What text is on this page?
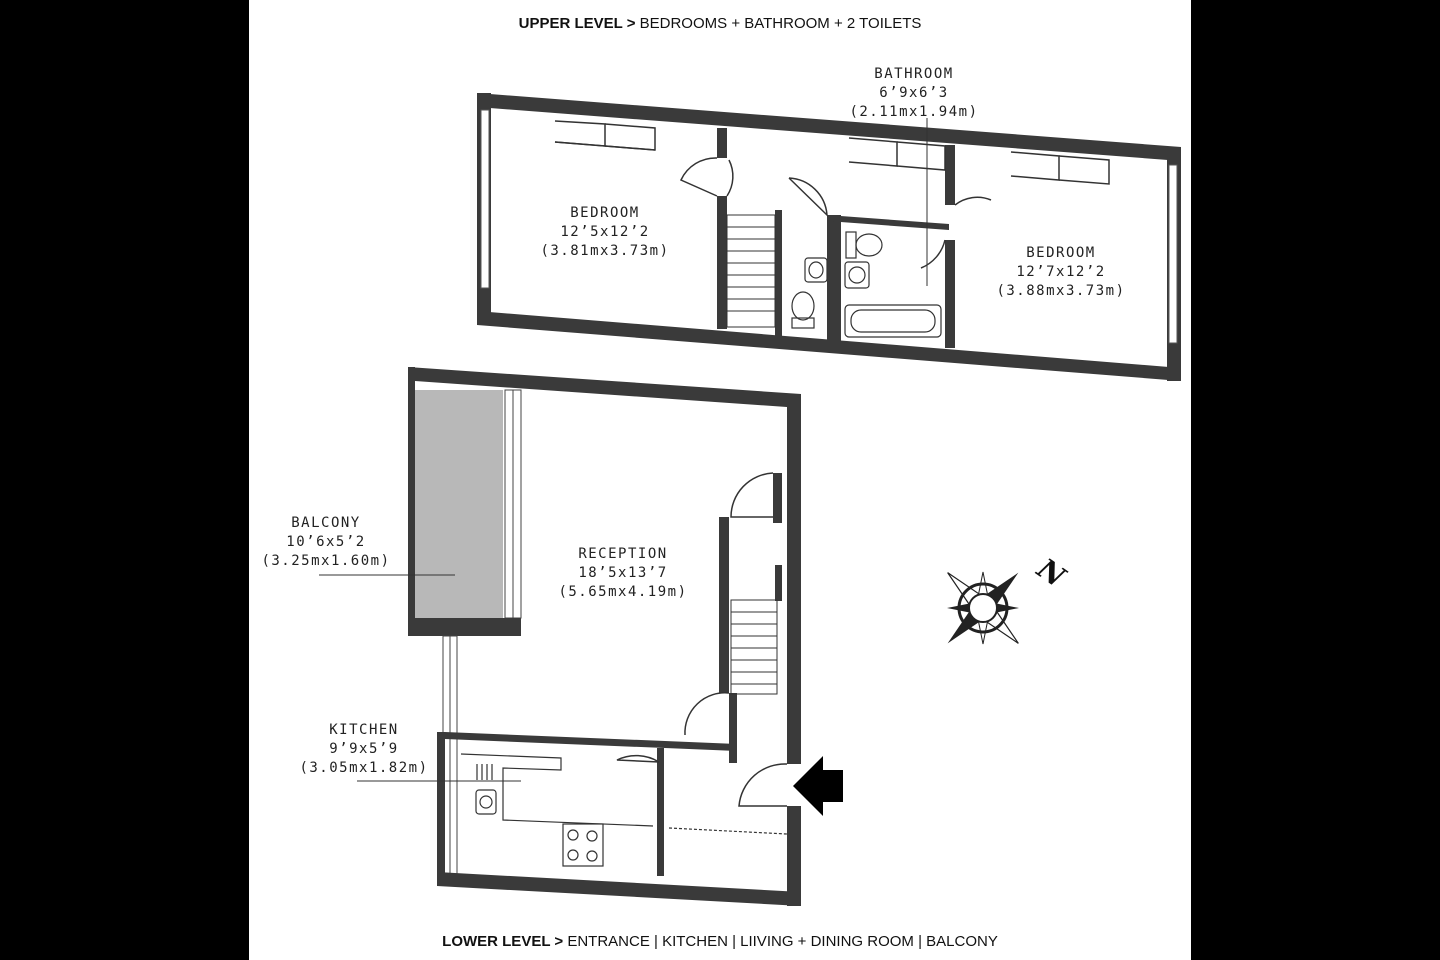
UPPER LEVEL > BEDROOMS + BATHROOM + 2 TOILETS
LOWER LEVEL > ENTRANCE | KITCHEN | LIIVING + DINING ROOM | BALCONY
N
BATHROOM
6’9x6’3
(2.11mx1.94m)
BEDROOM
12’5x12’2
(3.81mx3.73m)	BEDROOM
12’7x12’2
(3.88mx3.73m)
BALCONY
10’6x5’2
(3.25mx1.60m)	RECEPTION
18’5x13’7
(5.65mx4.19m)
KITCHEN
9’9x5’9
(3.05mx1.82m)
